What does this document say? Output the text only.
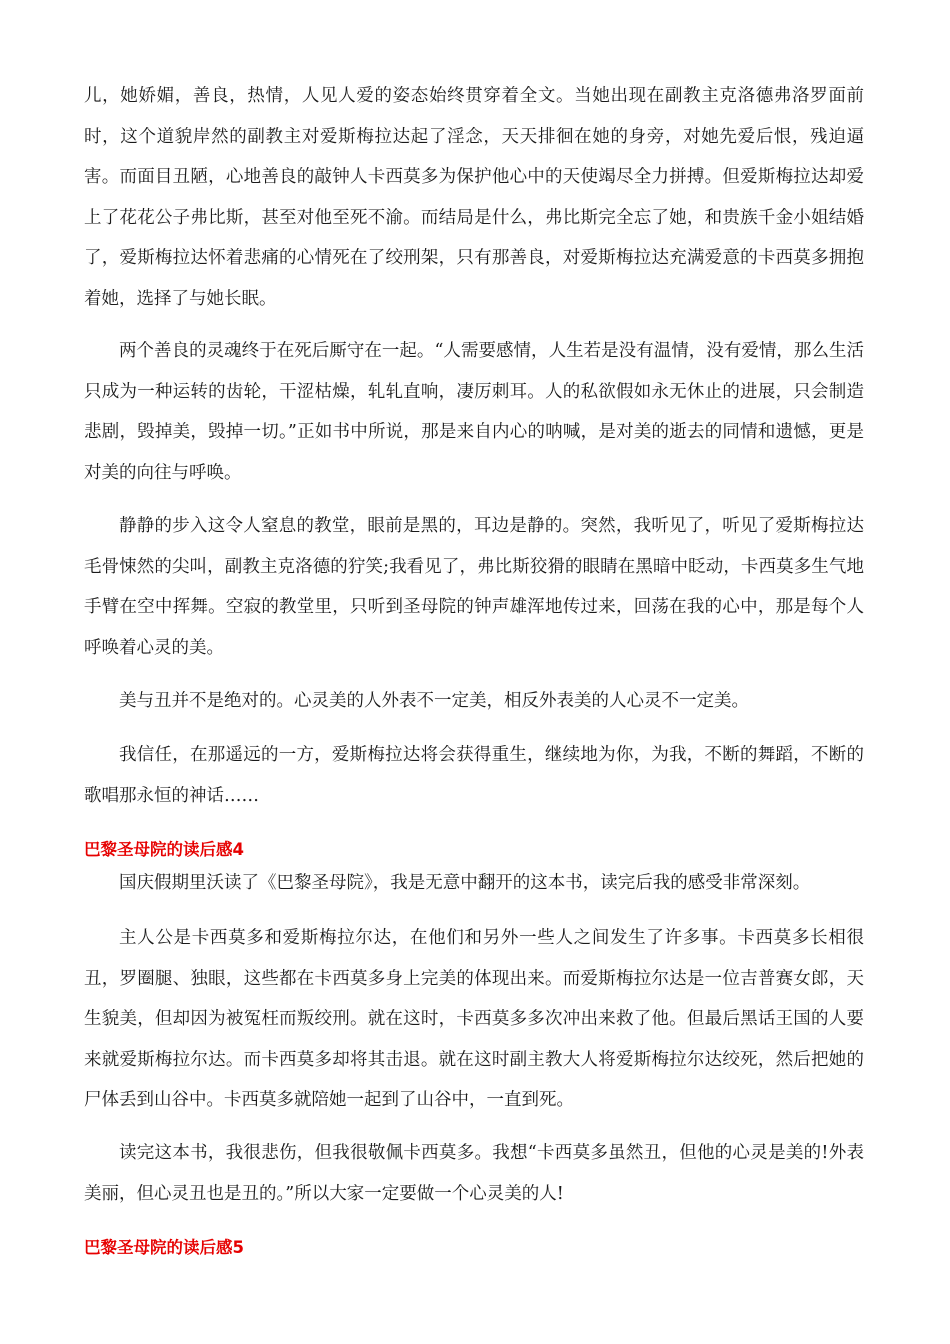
儿，她娇媚，善良，热情，人见人爱的姿态始终贯穿着全文。当她出现在副教主克洛德弗洛罗面前时，这个道貌岸然的副教主对爱斯梅拉达起了淫念，天天排徊在她的身旁，对她先爱后恨，残迫逼害。而面目丑陋，心地善良的敲钟人卡西莫多为保护他心中的天使竭尽全力拼搏。但爱斯梅拉达却爱上了花花公子弗比斯，甚至对他至死不渝。而结局是什么，弗比斯完全忘了她，和贵族千金小姐结婚了，爱斯梅拉达怀着悲痛的心情死在了绞刑架，只有那善良，对爱斯梅拉达充满爱意的卡西莫多拥抱着她，选择了与她长眠。

两个善良的灵魂终于在死后厮守在一起。“人需要感情，人生若是没有温情，没有爱情，那么生活只成为一种运转的齿轮，干涩枯燥，轧轧直响，凄厉刺耳。人的私欲假如永无休止的进展，只会制造悲剧，毁掉美，毁掉一切。”正如书中所说，那是来自内心的呐喊，是对美的逝去的同情和遗憾，更是对美的向往与呼唤。

静静的步入这令人窒息的教堂，眼前是黑的，耳边是静的。突然，我听见了，听见了爱斯梅拉达毛骨悚然的尖叫，副教主克洛德的狞笑;我看见了，弗比斯狡猾的眼睛在黑暗中眨动，卡西莫多生气地手臂在空中挥舞。空寂的教堂里，只听到圣母院的钟声雄浑地传过来，回荡在我的心中，那是每个人呼唤着心灵的美。

美与丑并不是绝对的。心灵美的人外表不一定美，相反外表美的人心灵不一定美。

我信任，在那遥远的一方，爱斯梅拉达将会获得重生，继续地为你，为我，不断的舞蹈，不断的歌唱那永恒的神话……

巴黎圣母院的读后感4

国庆假期里沃读了《巴黎圣母院》，我是无意中翻开的这本书，读完后我的感受非常深刻。

主人公是卡西莫多和爱斯梅拉尔达，在他们和另外一些人之间发生了许多事。卡西莫多长相很丑，罗圈腿、独眼，这些都在卡西莫多身上完美的体现出来。而爱斯梅拉尔达是一位吉普赛女郎，天生貌美，但却因为被冤枉而叛绞刑。就在这时，卡西莫多多次冲出来救了他。但最后黑话王国的人要来就爱斯梅拉尔达。而卡西莫多却将其击退。就在这时副主教大人将爱斯梅拉尔达绞死，然后把她的尸体丢到山谷中。卡西莫多就陪她一起到了山谷中，一直到死。

读完这本书，我很悲伤，但我很敬佩卡西莫多。我想“卡西莫多虽然丑，但他的心灵是美的!外表美丽，但心灵丑也是丑的。”所以大家一定要做一个心灵美的人!

巴黎圣母院的读后感5
